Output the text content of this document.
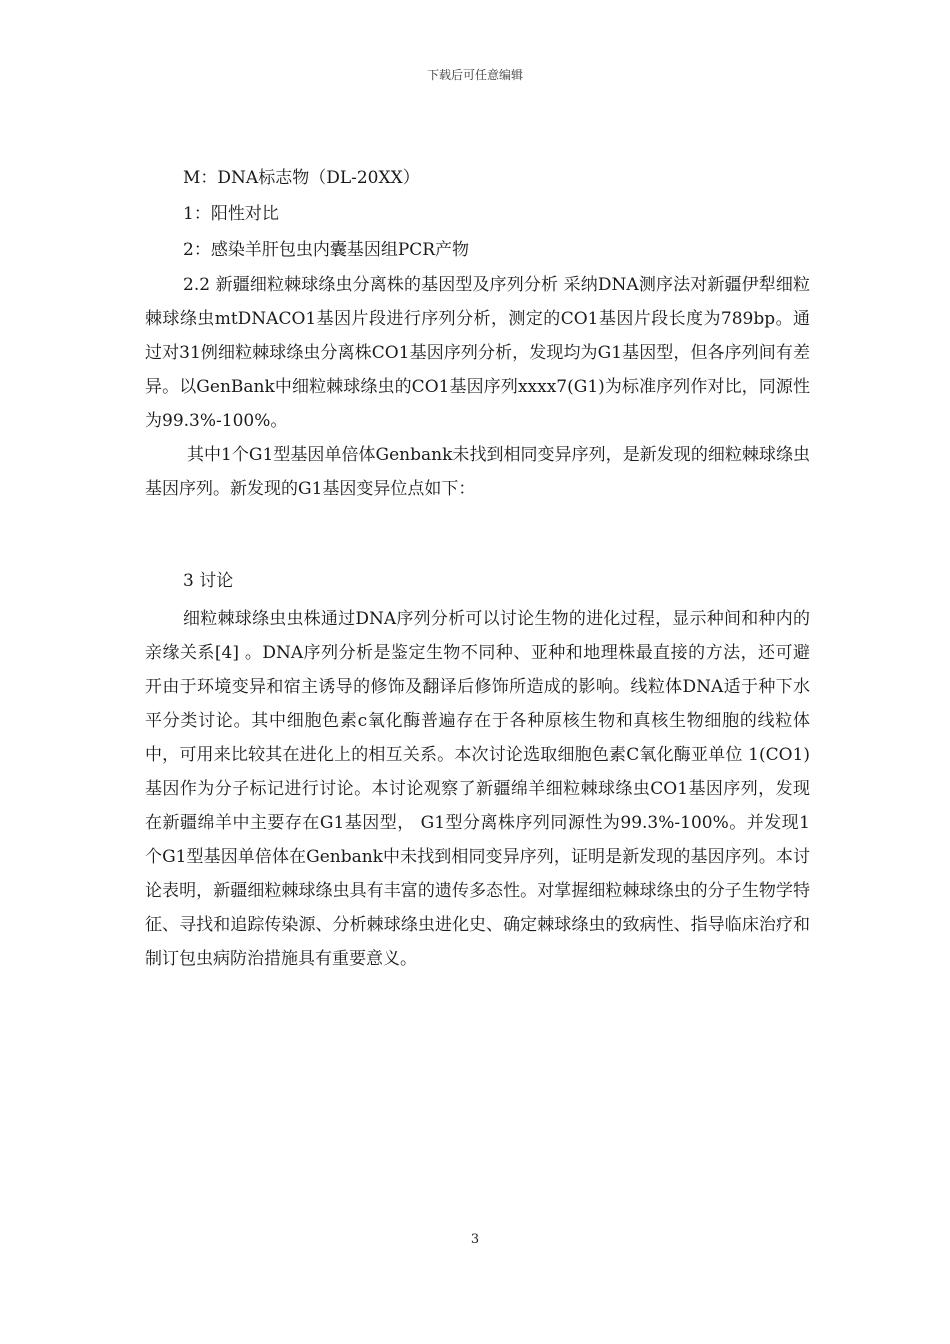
下载后可任意编辑

M：DNA标志物（DL-20XX）

1：阳性对比

2：感染羊肝包虫内囊基因组PCR产物

2.2 新疆细粒棘球绦虫分离株的基因型及序列分析 采纳DNA测序法对新疆伊犁细粒棘球绦虫mtDNACO1基因片段进行序列分析，测定的CO1基因片段长度为789bp。通过对31例细粒棘球绦虫分离株CO1基因序列分析，发现均为G1基因型，但各序列间有差异。以GenBank中细粒棘球绦虫的CO1基因序列xxxx7(G1)为标准序列作对比，同源性为99.3%-100%。

其中1个G1型基因单倍体Genbank未找到相同变异序列，是新发现的细粒棘球绦虫基因序列。新发现的G1基因变异位点如下：

3 讨论

细粒棘球绦虫虫株通过DNA序列分析可以讨论生物的进化过程，显示种间和种内的亲缘关系[4] 。DNA序列分析是鉴定生物不同种、亚种和地理株最直接的方法，还可避开由于环境变异和宿主诱导的修饰及翻译后修饰所造成的影响。线粒体DNA适于种下水平分类讨论。其中细胞色素c氧化酶普遍存在于各种原核生物和真核生物细胞的线粒体中，可用来比较其在进化上的相互关系。本次讨论选取细胞色素C氧化酶亚单位 1(CO1)基因作为分子标记进行讨论。本讨论观察了新疆绵羊细粒棘球绦虫CO1基因序列，发现在新疆绵羊中主要存在G1基因型， G1型分离株序列同源性为99.3%-100%。并发现1个G1型基因单倍体在Genbank中未找到相同变异序列，证明是新发现的基因序列。本讨论表明，新疆细粒棘球绦虫具有丰富的遗传多态性。对掌握细粒棘球绦虫的分子生物学特征、寻找和追踪传染源、分析棘球绦虫进化史、确定棘球绦虫的致病性、指导临床治疗和制订包虫病防治措施具有重要意义。

3
